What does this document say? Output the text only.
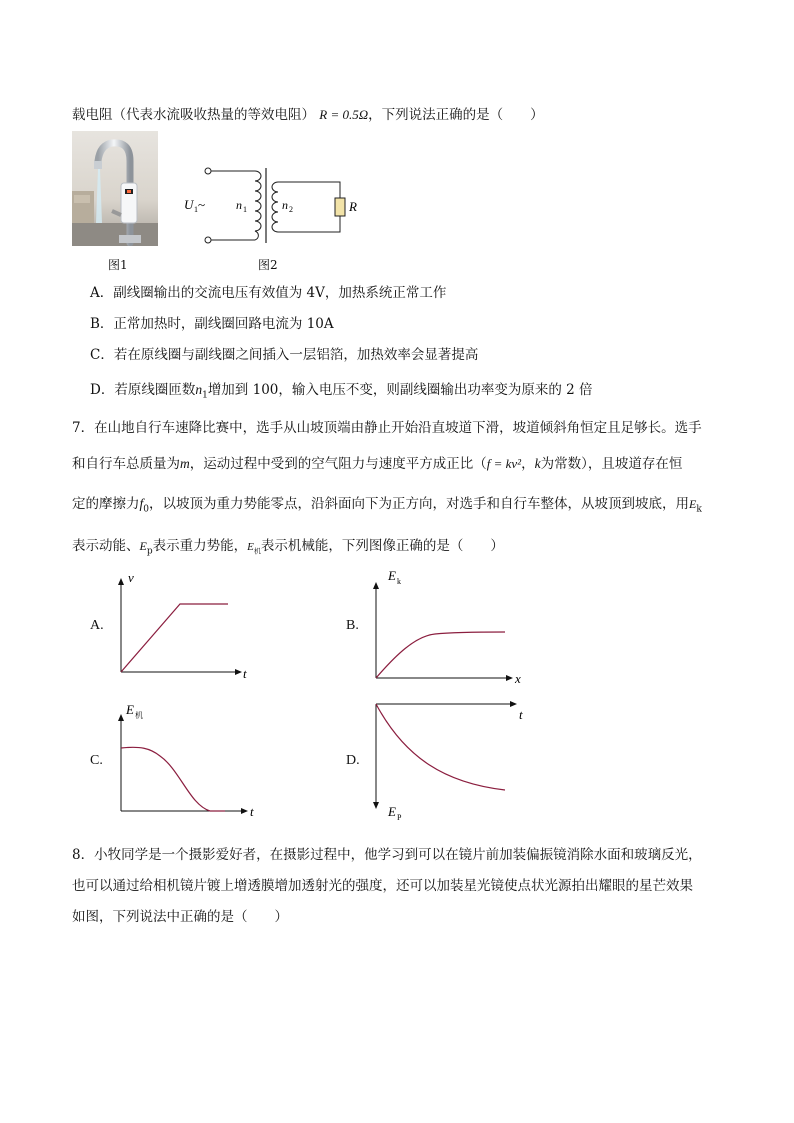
载电阻（代表水流吸收热量的等效电阻） R = 0.5Ω，下列说法正确的是（　　）
U 1 ~	n 1	n 2	R
图1	图2
A．副线圈输出的交流电压有效值为 4V，加热系统正常工作
B．正常加热时，副线圈回路电流为 10A
C．若在原线圈与副线圈之间插入一层铝箔，加热效率会显著提高
D．若原线圈匝数$n_1$增加到 100，输入电压不变，则副线圈输出功率变为原来的 2 倍
7．在山地自行车速降比赛中，选手从山坡顶端由静止开始沿直坡道下滑，坡道倾斜角恒定且足够长。选手
和自行车总质量为m，运动过程中受到的空气阻力与速度平方成正比（f = kv²，k为常数），且坡道存在恒
定的摩擦力$f_0$，以坡顶为重力势能零点，沿斜面向下为正方向，对选手和自行车整体，从坡顶到坡底，用$E_k$
表示动能、$E_p$表示重力势能，$E_机$表示机械能，下列图像正确的是（　　）
A.	B.
C.	D.
v
t
E k
x
E 机
t
t
E P
8．小牧同学是一个摄影爱好者，在摄影过程中，他学习到可以在镜片前加装偏振镜消除水面和玻璃反光，
也可以通过给相机镜片镀上增透膜增加透射光的强度，还可以加装星光镜使点状光源拍出耀眼的星芒效果
如图，下列说法中正确的是（　　）
